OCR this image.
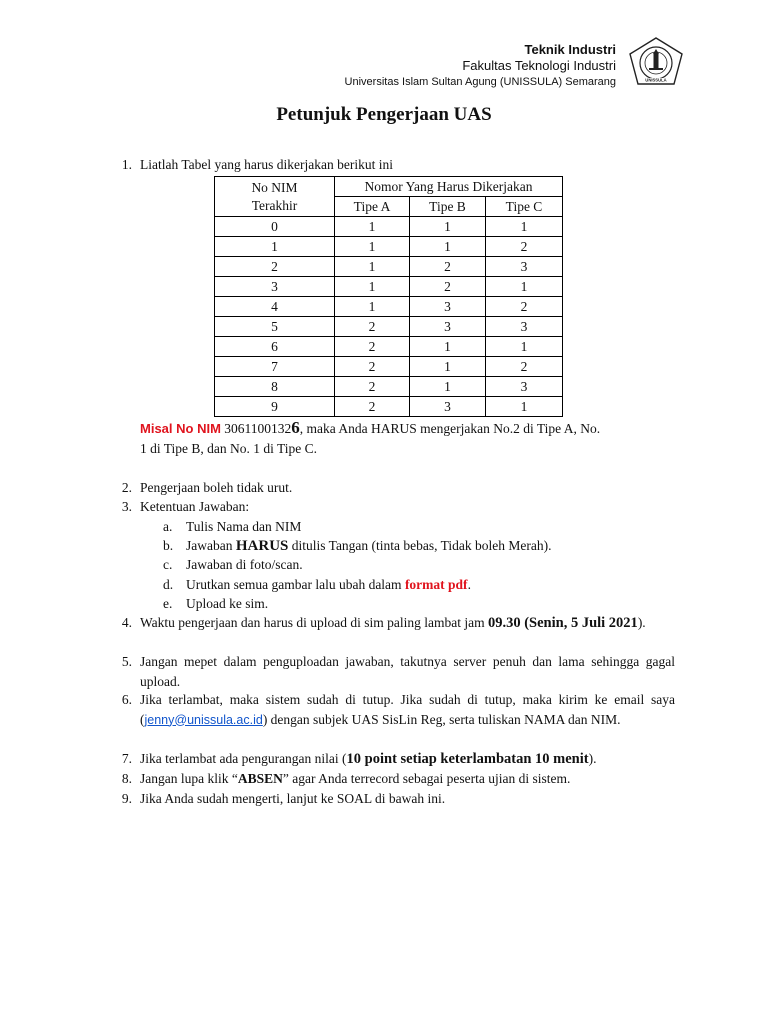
Teknik Industri
Fakultas Teknologi Industri
Universitas Islam Sultan Agung (UNISSULA) Semarang	UNISSULA
Petunjuk Pengerjaan UAS
1. Liatlah Tabel yang harus dikerjakan berikut ini
No NIM
Terakhir	Nomor Yang Harus Dikerjakan		
	Tipe A	Tipe B	Tipe C
0	1	1	1
1	1	1	2
2	1	2	3
3	1	2	1
4	1	3	2
5	2	3	3
6	2	1	1
7	2	1	2
8	2	1	3
9	2	3	1
Misal No NIM 30611001326, maka Anda HARUS mengerjakan No.2 di Tipe A, No.
1 di Tipe B, dan No. 1 di Tipe C.
2. Pengerjaan boleh tidak urut.
3. Ketentuan Jawaban:
a. Tulis Nama dan NIM
b. Jawaban HARUS ditulis Tangan (tinta bebas, Tidak boleh Merah).
c. Jawaban di foto/scan.
d. Urutkan semua gambar lalu ubah dalam format pdf.
e. Upload ke sim.
4. Waktu pengerjaan dan harus di upload di sim paling lambat jam 09.30 (Senin, 5 Juli 2021).
5. Jangan mepet dalam penguploadan jawaban, takutnya server penuh dan lama sehingga gagal upload.
6. Jika terlambat, maka sistem sudah di tutup. Jika sudah di tutup, maka kirim ke email saya (jenny@unissula.ac.id) dengan subjek UAS SisLin Reg, serta tuliskan NAMA dan NIM.
7. Jika terlambat ada pengurangan nilai (10 point setiap keterlambatan 10 menit).
8. Jangan lupa klik “ABSEN” agar Anda terrecord sebagai peserta ujian di sistem.
9. Jika Anda sudah mengerti, lanjut ke SOAL di bawah ini.
